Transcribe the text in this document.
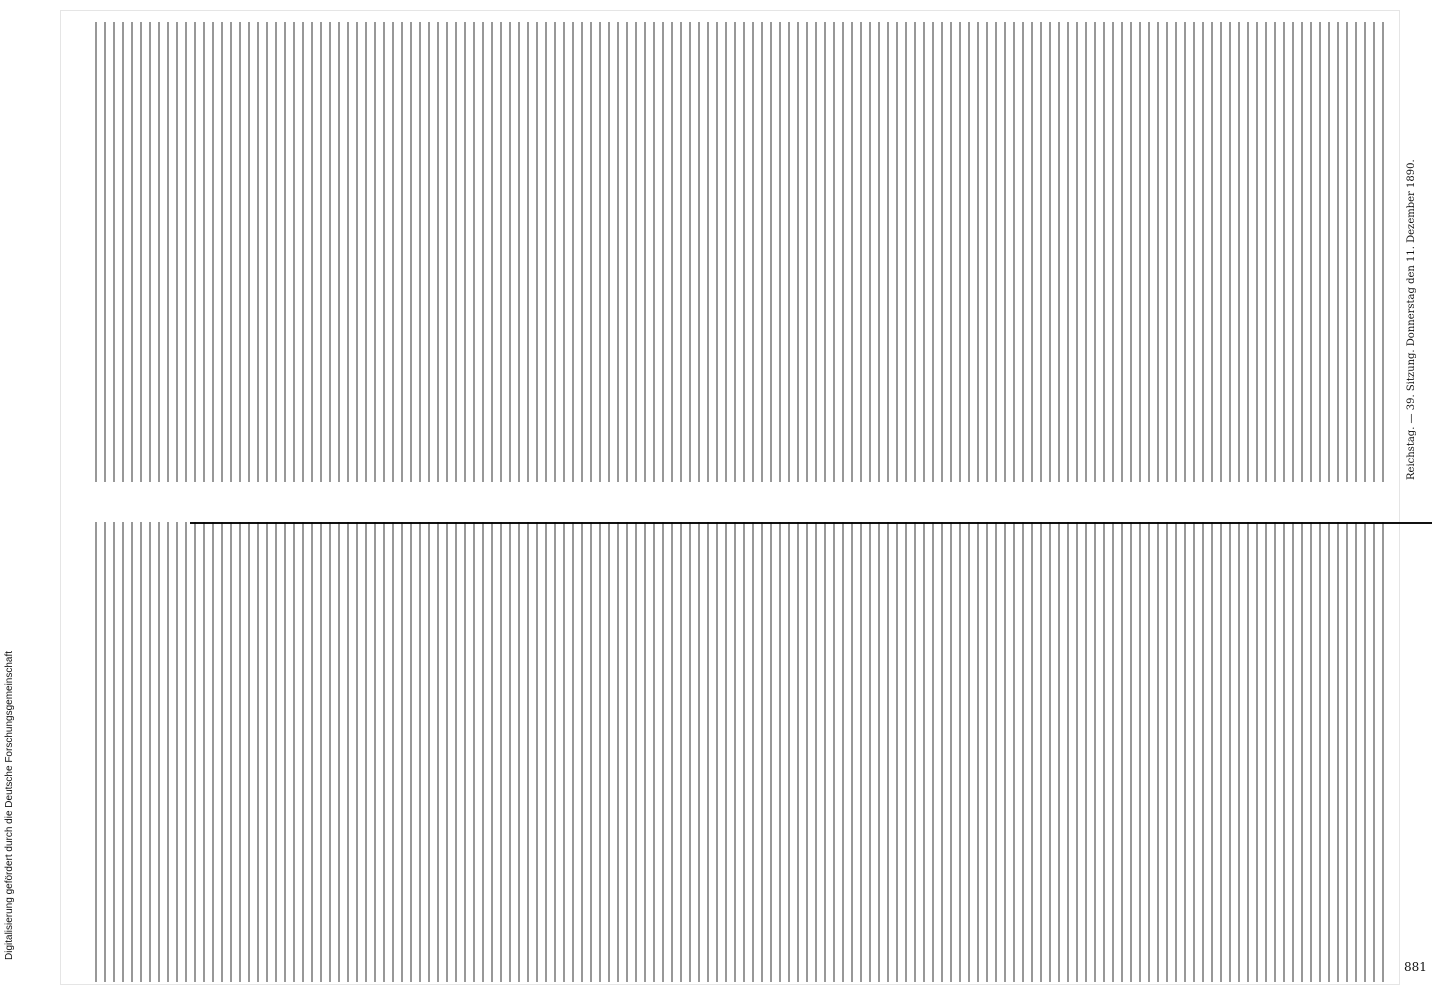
Digitalisierung gefördert durch die Deutsche Forschungsgemeinschaft
Reichstag. — 39. Sitzung. Donnerstag den 11. Dezember 1890.
881
